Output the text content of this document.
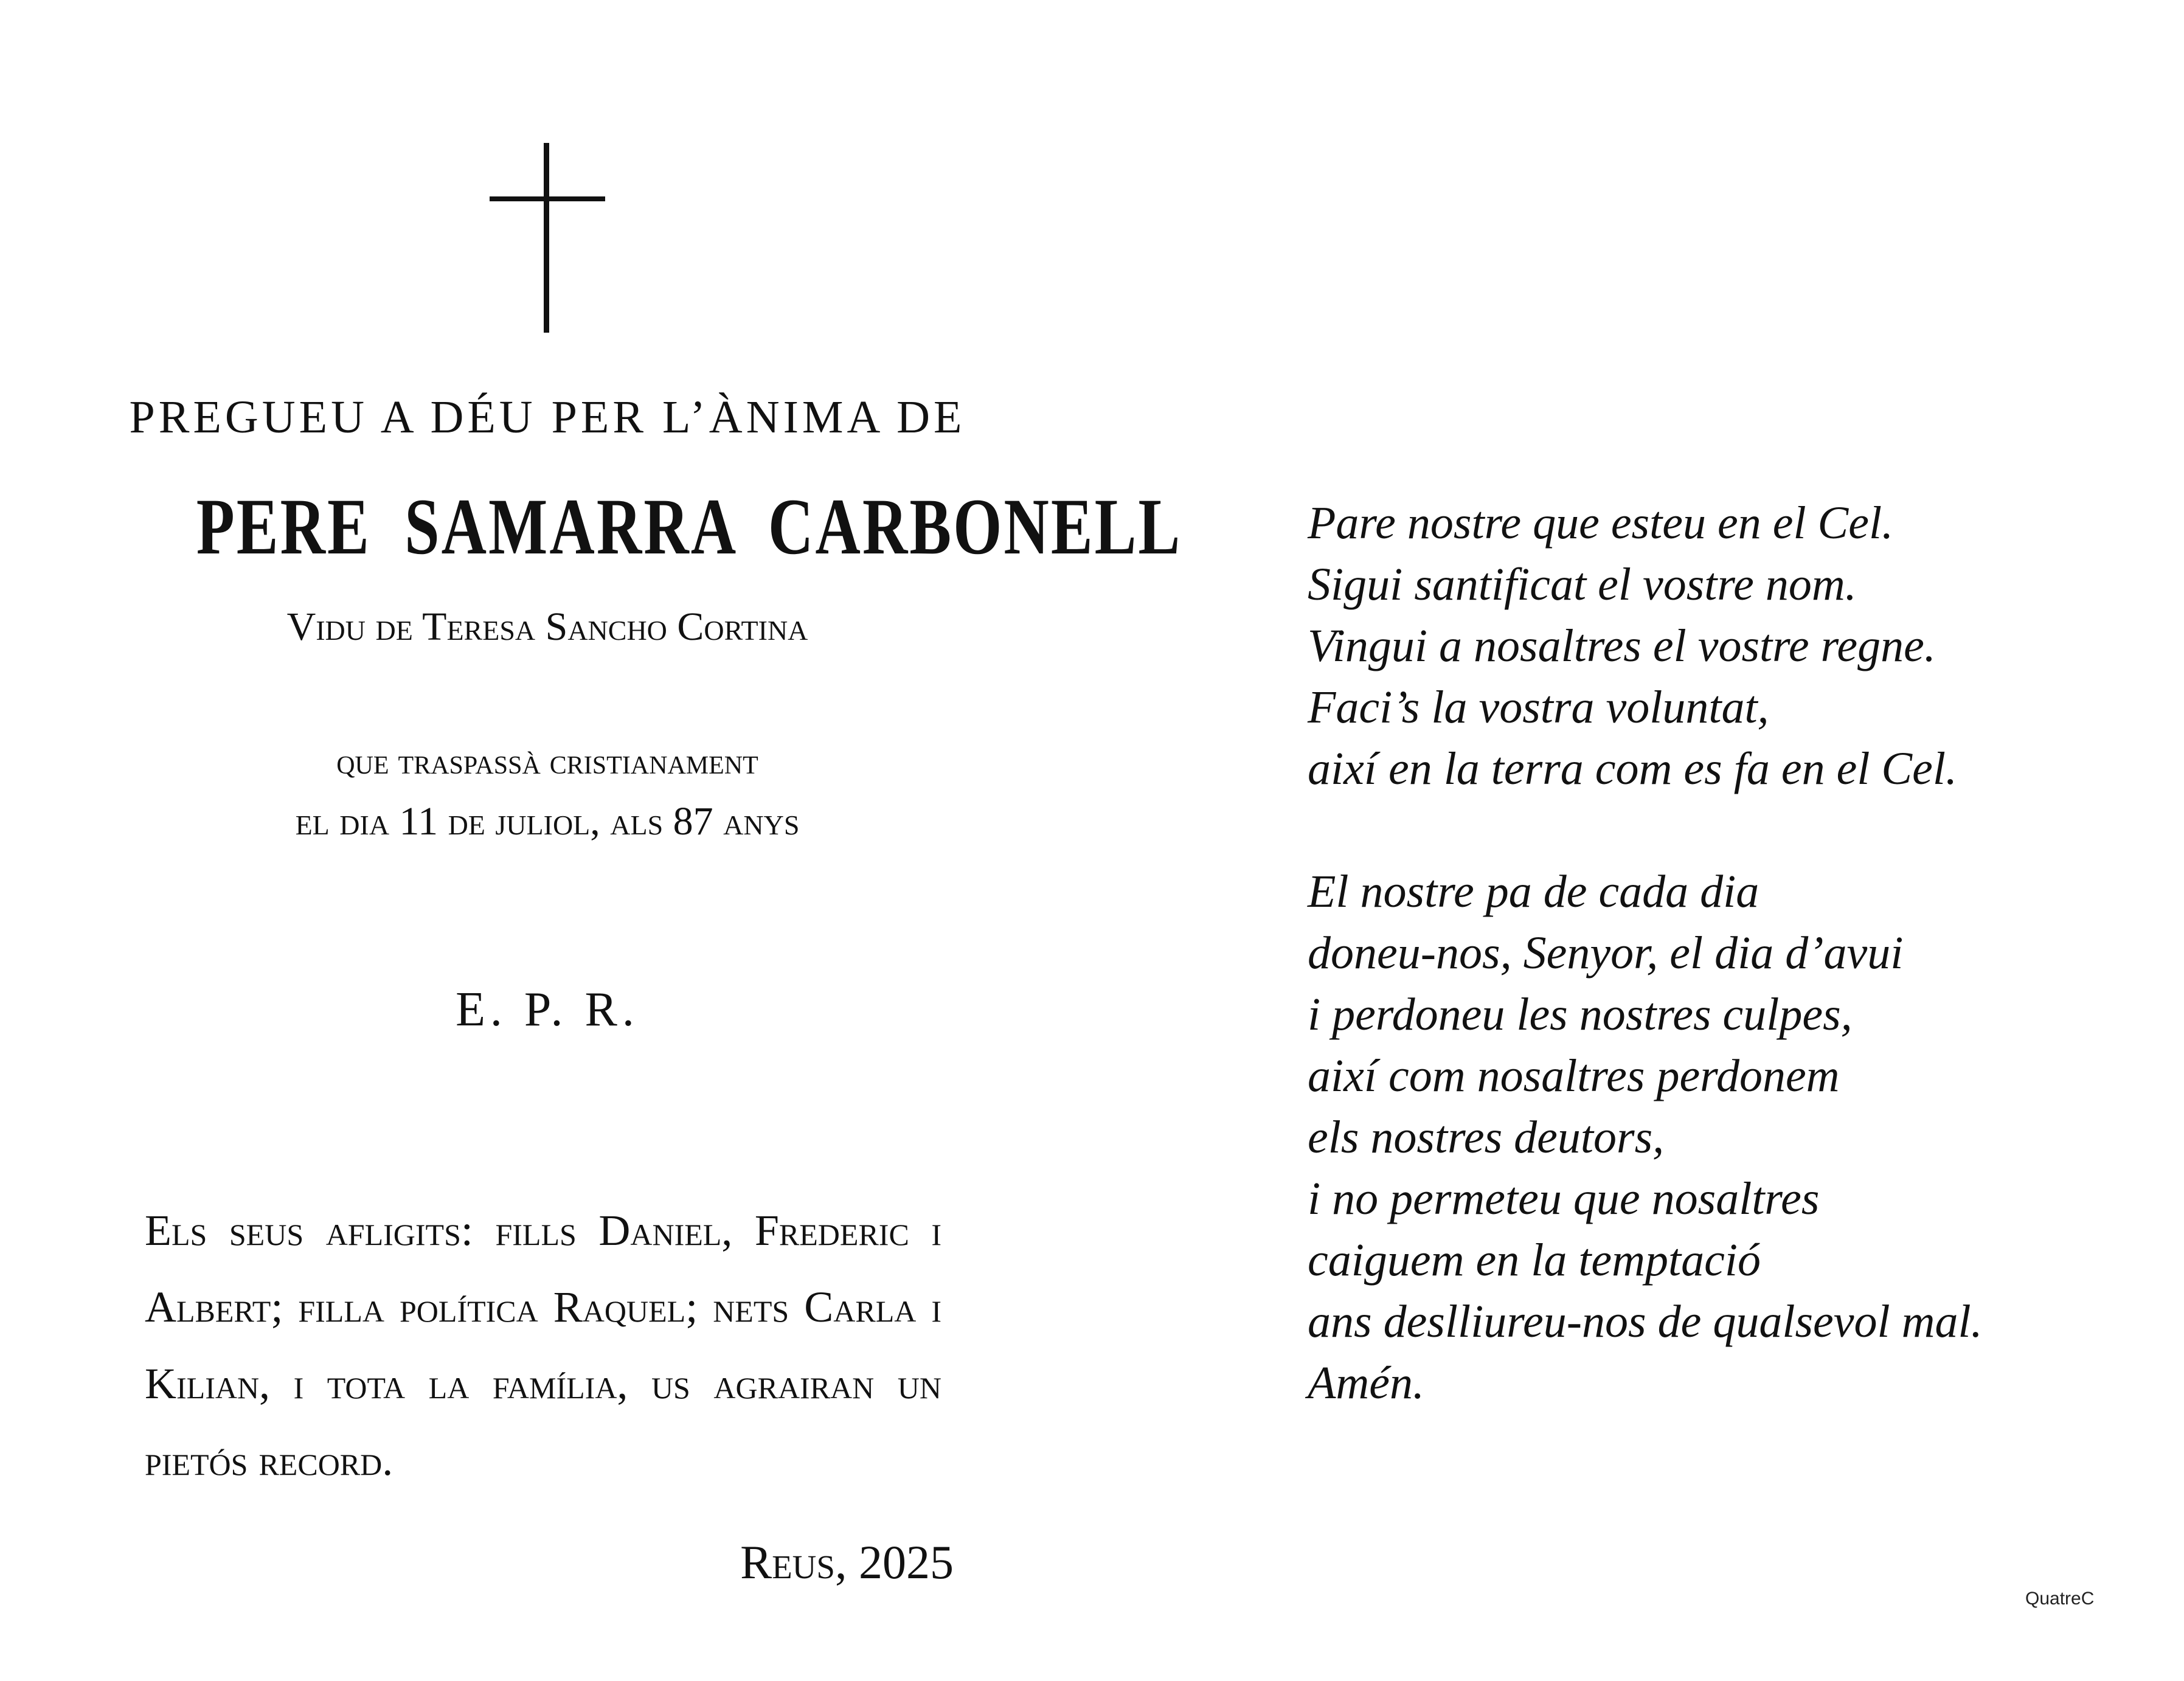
PREGUEU A DÉU PER L’ÀNIMA DE
PERE SAMARRA CARBONELL
Vidu de Teresa Sancho Cortina
que traspassà cristianament
el dia 11 de juliol, als 87 anys
E. P. R.
Els seus afligits: fills Daniel, Frederic i Albert; filla política Raquel; nets Carla i Kilian, i tota la família, us agrairan un pietós record.
Reus, 2025

Pare nostre que esteu en el Cel.
Sigui santificat el vostre nom.
Vingui a nosaltres el vostre regne.
Faci’s la vostra voluntat,
així en la terra com es fa en el Cel.

El nostre pa de cada dia
doneu-nos, Senyor, el dia d’avui
i perdoneu les nostres culpes,
així com nosaltres perdonem
els nostres deutors,
i no permeteu que nosaltres
caiguem en la temptació
ans deslliureu-nos de qualsevol mal.
Amén.

QuatreC
